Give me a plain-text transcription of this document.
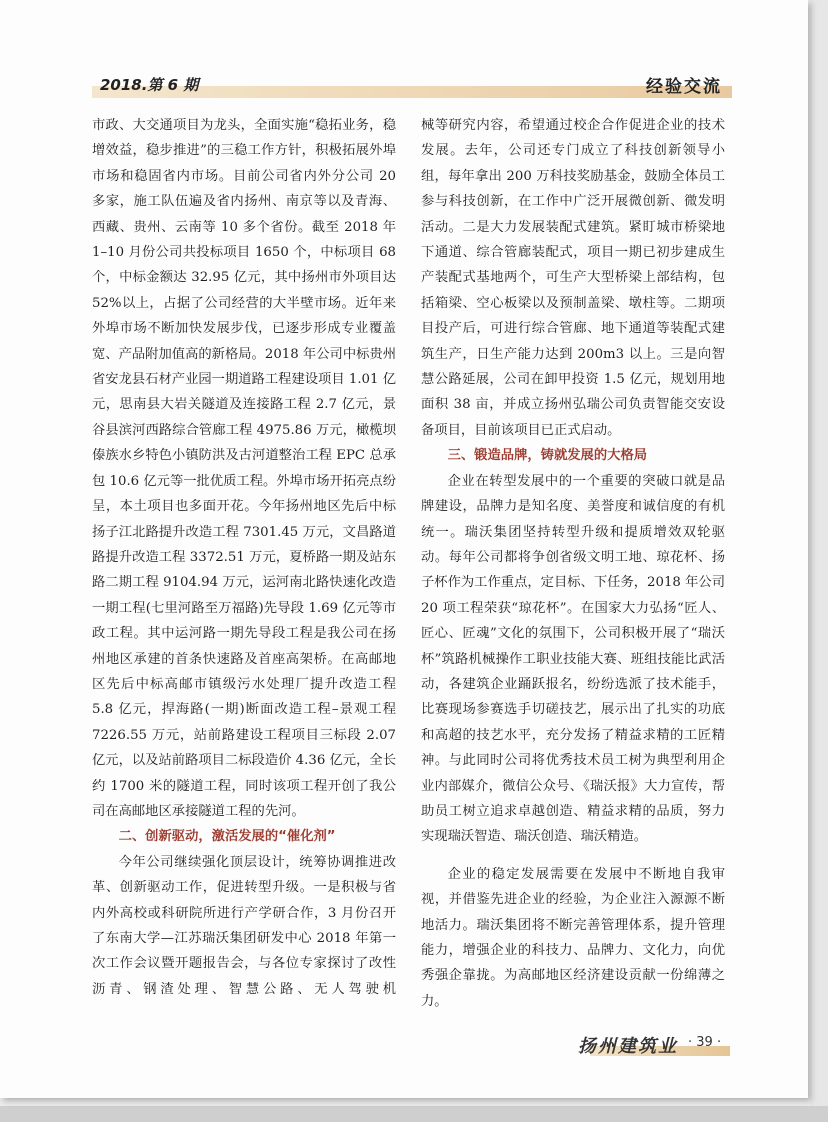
2018.第 6 期	经验交流

市政、大交通项目为龙头，全面实施“稳拓业务，稳增效益，稳步推进”的三稳工作方针，积极拓展外埠市场和稳固省内市场。目前公司省内外分公司 20 多家，施工队伍遍及省内扬州、南京等以及青海、西藏、贵州、云南等 10 多个省份。截至 2018 年 1–10 月份公司共投标项目 1650 个，中标项目 68 个，中标金额达 32.95 亿元，其中扬州市外项目达 52%以上，占据了公司经营的大半壁市场。近年来外埠市场不断加快发展步伐，已逐步形成专业覆盖宽、产品附加值高的新格局。2018 年公司中标贵州省安龙县石材产业园一期道路工程建设项目 1.01 亿元，思南县大岩关隧道及连接路工程 2.7 亿元，景谷县滨河西路综合管廊工程 4975.86 万元，橄榄坝傣族水乡特色小镇防洪及古河道整治工程 EPC 总承包 10.6 亿元等一批优质工程。外埠市场开拓亮点纷呈，本土项目也多面开花。今年扬州地区先后中标扬子江北路提升改造工程 7301.45 万元，文昌路道路提升改造工程 3372.51 万元，夏桥路一期及站东路二期工程 9104.94 万元，运河南北路快速化改造一期工程(七里河路至万福路)先导段 1.69 亿元等市政工程。其中运河路一期先导段工程是我公司在扬州地区承建的首条快速路及首座高架桥。在高邮地区先后中标高邮市镇级污水处理厂提升改造工程 5.8 亿元，捍海路(一期)断面改造工程–景观工程 7226.55 万元，站前路建设工程项目三标段 2.07 亿元，以及站前路项目二标段造价 4.36 亿元，全长约 1700 米的隧道工程，同时该项工程开创了我公司在高邮地区承接隧道工程的先河。

二、创新驱动，激活发展的“催化剂”

今年公司继续强化顶层设计，统筹协调推进改革、创新驱动工作，促进转型升级。一是积极与省内外高校或科研院所进行产学研合作，3 月份召开了东南大学—江苏瑞沃集团研发中心 2018 年第一次工作会议暨开题报告会，与各位专家探讨了改性沥青、钢渣处理、智慧公路、无人驾驶机

械等研究内容，希望通过校企合作促进企业的技术发展。去年，公司还专门成立了科技创新领导小组，每年拿出 200 万科技奖励基金，鼓励全体员工参与科技创新，在工作中广泛开展微创新、微发明活动。二是大力发展装配式建筑。紧盯城市桥梁地下通道、综合管廊装配式，项目一期已初步建成生产装配式基地两个，可生产大型桥梁上部结构，包括箱梁、空心板梁以及预制盖梁、墩柱等。二期项目投产后，可进行综合管廊、地下通道等装配式建筑生产，日生产能力达到 200m3 以上。三是向智慧公路延展，公司在卸甲投资 1.5 亿元，规划用地面积 38 亩，并成立扬州弘瑞公司负责智能交安设备项目，目前该项目已正式启动。

三、锻造品牌，铸就发展的大格局

企业在转型发展中的一个重要的突破口就是品牌建设，品牌力是知名度、美誉度和诚信度的有机统一。瑞沃集团坚持转型升级和提质增效双轮驱动。每年公司都将争创省级文明工地、琼花杯、扬子杯作为工作重点，定目标、下任务，2018 年公司 20 项工程荣获“琼花杯”。在国家大力弘扬“匠人、匠心、匠魂”文化的氛围下，公司积极开展了“瑞沃杯”筑路机械操作工职业技能大赛、班组技能比武活动，各建筑企业踊跃报名，纷纷选派了技术能手，比赛现场参赛选手切磋技艺，展示出了扎实的功底和高超的技艺水平，充分发扬了精益求精的工匠精神。与此同时公司将优秀技术员工树为典型利用企业内部媒介，微信公众号、《瑞沃报》大力宣传，帮助员工树立追求卓越创造、精益求精的品质，努力实现瑞沃智造、瑞沃创造、瑞沃精造。

企业的稳定发展需要在发展中不断地自我审视，并借鉴先进企业的经验，为企业注入源源不断地活力。瑞沃集团将不断完善管理体系，提升管理能力，增强企业的科技力、品牌力、文化力，向优秀强企靠拢。为高邮地区经济建设贡献一份绵薄之力。

扬州建筑业 · 39 ·
